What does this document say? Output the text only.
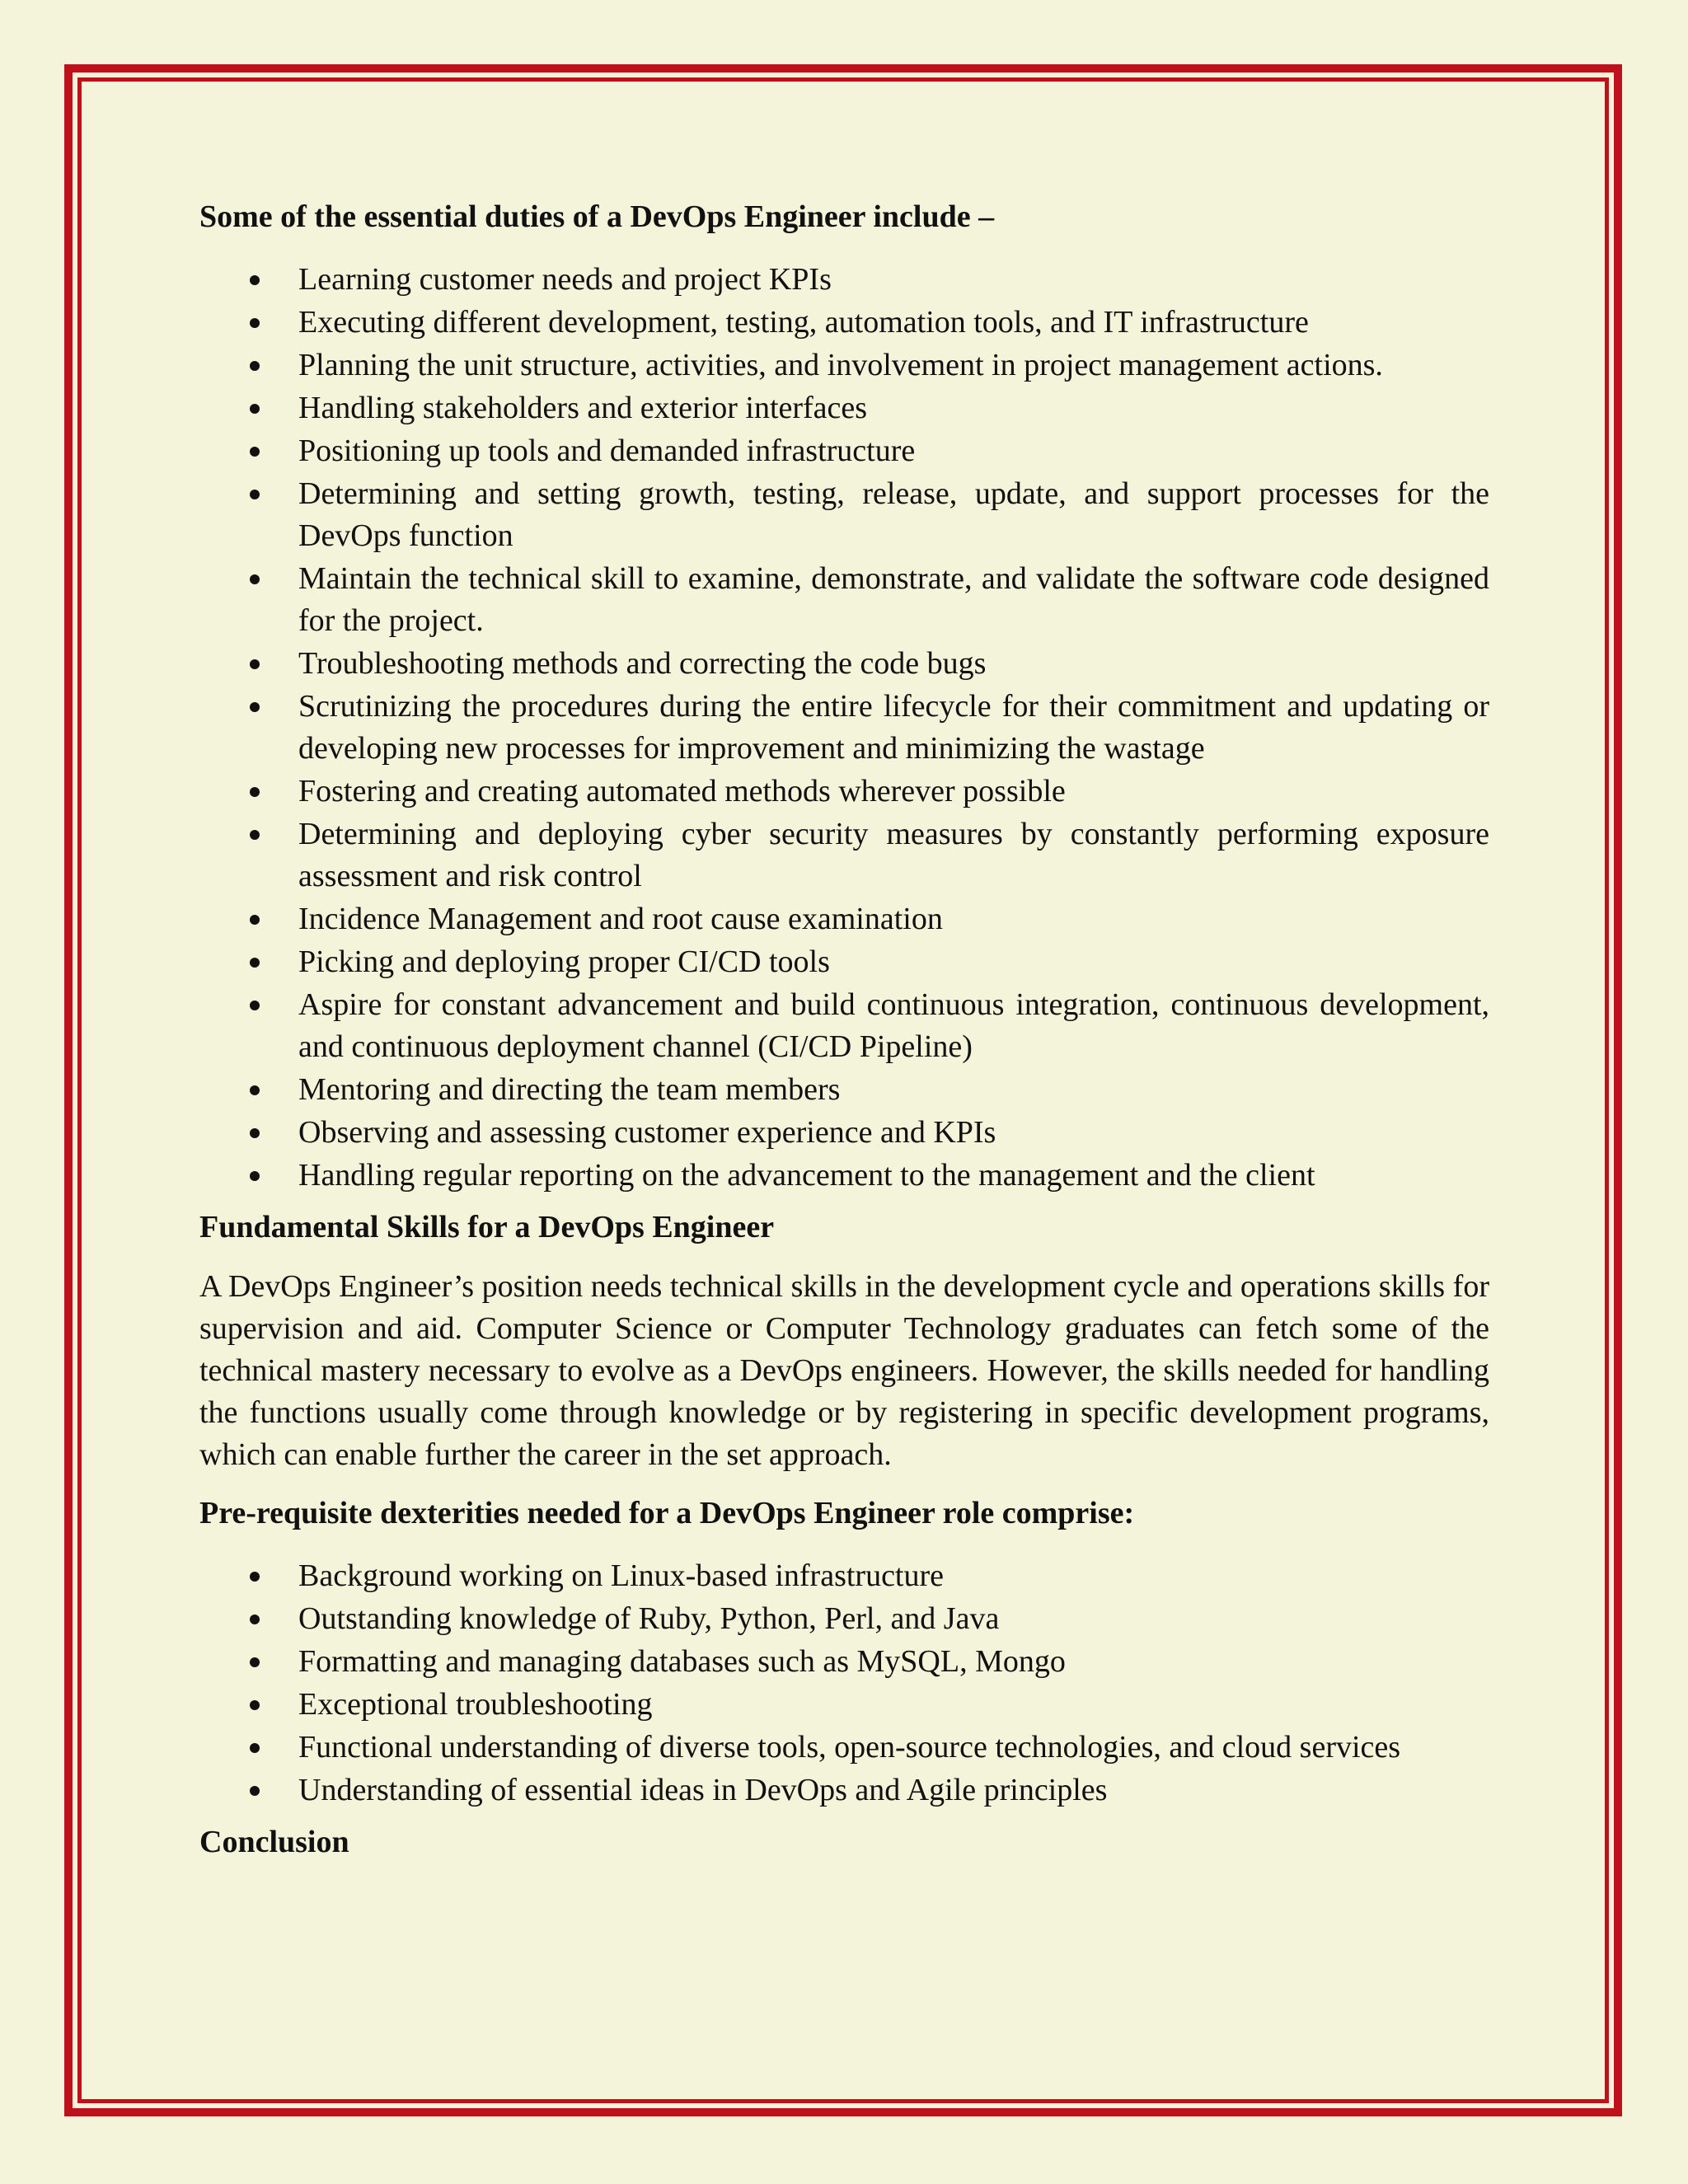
Some of the essential duties of a DevOps Engineer include –

Learning customer needs and project KPIs
Executing different development, testing, automation tools, and IT infrastructure
Planning the unit structure, activities, and involvement in project management actions.
Handling stakeholders and exterior interfaces
Positioning up tools and demanded infrastructure
Determining and setting growth, testing, release, update, and support processes for the DevOps function
Maintain the technical skill to examine, demonstrate, and validate the software code designed for the project.
Troubleshooting methods and correcting the code bugs
Scrutinizing the procedures during the entire lifecycle for their commitment and updating or developing new processes for improvement and minimizing the wastage
Fostering and creating automated methods wherever possible
Determining and deploying cyber security measures by constantly performing exposure assessment and risk control
Incidence Management and root cause examination
Picking and deploying proper CI/CD tools
Aspire for constant advancement and build continuous integration, continuous development, and continuous deployment channel (CI/CD Pipeline)
Mentoring and directing the team members
Observing and assessing customer experience and KPIs
Handling regular reporting on the advancement to the management and the client

Fundamental Skills for a DevOps Engineer

A DevOps Engineer’s position needs technical skills in the development cycle and operations skills for supervision and aid. Computer Science or Computer Technology graduates can fetch some of the technical mastery necessary to evolve as a DevOps engineers. However, the skills needed for handling the functions usually come through knowledge or by registering in specific development programs, which can enable further the career in the set approach.

Pre-requisite dexterities needed for a DevOps Engineer role comprise:

Background working on Linux-based infrastructure
Outstanding knowledge of Ruby, Python, Perl, and Java
Formatting and managing databases such as MySQL, Mongo
Exceptional troubleshooting
Functional understanding of diverse tools, open-source technologies, and cloud services
Understanding of essential ideas in DevOps and Agile principles

Conclusion
